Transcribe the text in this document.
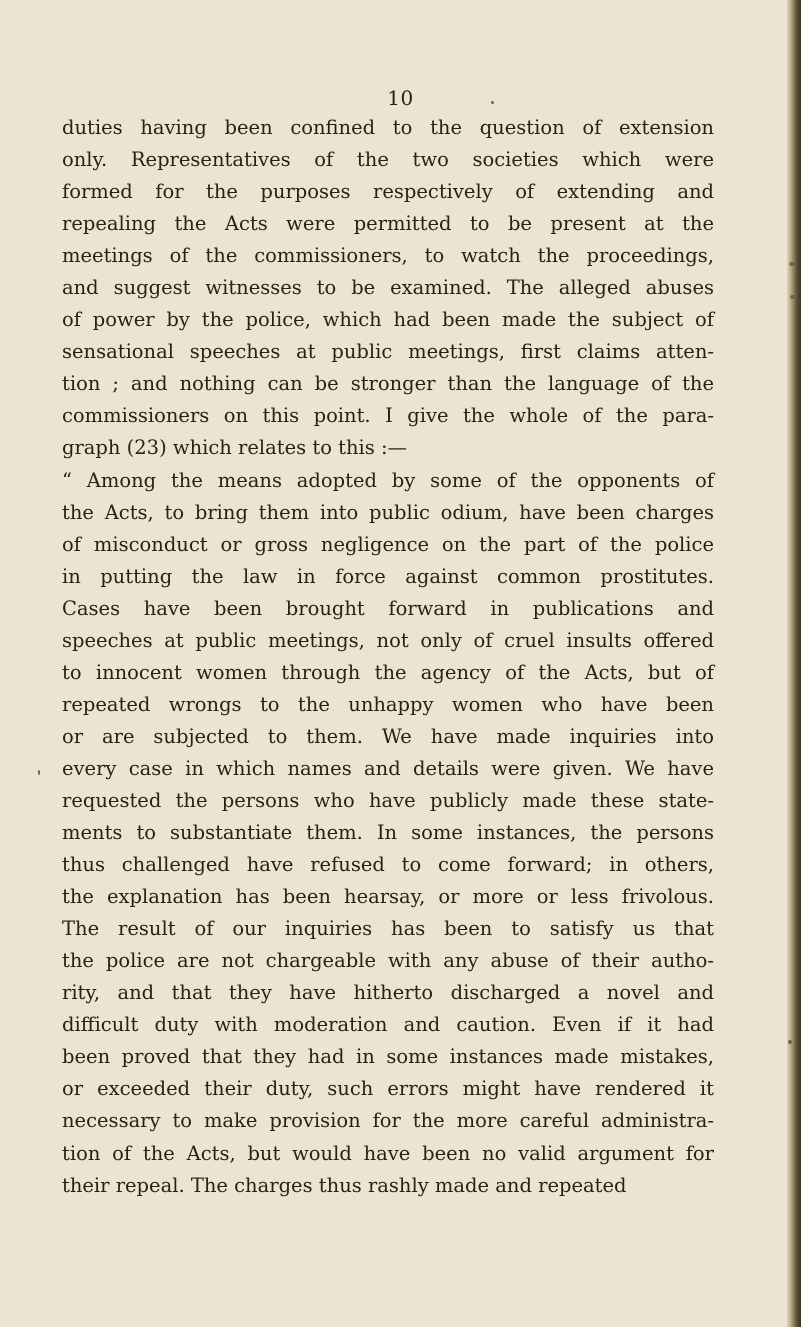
10
duties having been confined to the question of extension
only. Representatives of the two societies which were
formed for the purposes respectively of extending and
repealing the Acts were permitted to be present at the
meetings of the commissioners, to watch the proceedings,
and suggest witnesses to be examined. The alleged abuses
of power by the police, which had been made the subject of
sensational speeches at public meetings, first claims atten-
tion ; and nothing can be stronger than the language of the
commissioners on this point. I give the whole of the para-
graph (23) which relates to this :—
“ Among the means adopted by some of the opponents of
the Acts, to bring them into public odium, have been charges
of misconduct or gross negligence on the part of the police
in putting the law in force against common prostitutes.
Cases have been brought forward in publications and
speeches at public meetings, not only of cruel insults offered
to innocent women through the agency of the Acts, but of
repeated wrongs to the unhappy women who have been
or are subjected to them. We have made inquiries into
every case in which names and details were given. We have
requested the persons who have publicly made these state-
ments to substantiate them. In some instances, the persons
thus challenged have refused to come forward; in others,
the explanation has been hearsay, or more or less frivolous.
The result of our inquiries has been to satisfy us that
the police are not chargeable with any abuse of their autho-
rity, and that they have hitherto discharged a novel and
difficult duty with moderation and caution. Even if it had
been proved that they had in some instances made mistakes,
or exceeded their duty, such errors might have rendered it
necessary to make provision for the more careful administra-
tion of the Acts, but would have been no valid argument for
their repeal. The charges thus rashly made and repeated
